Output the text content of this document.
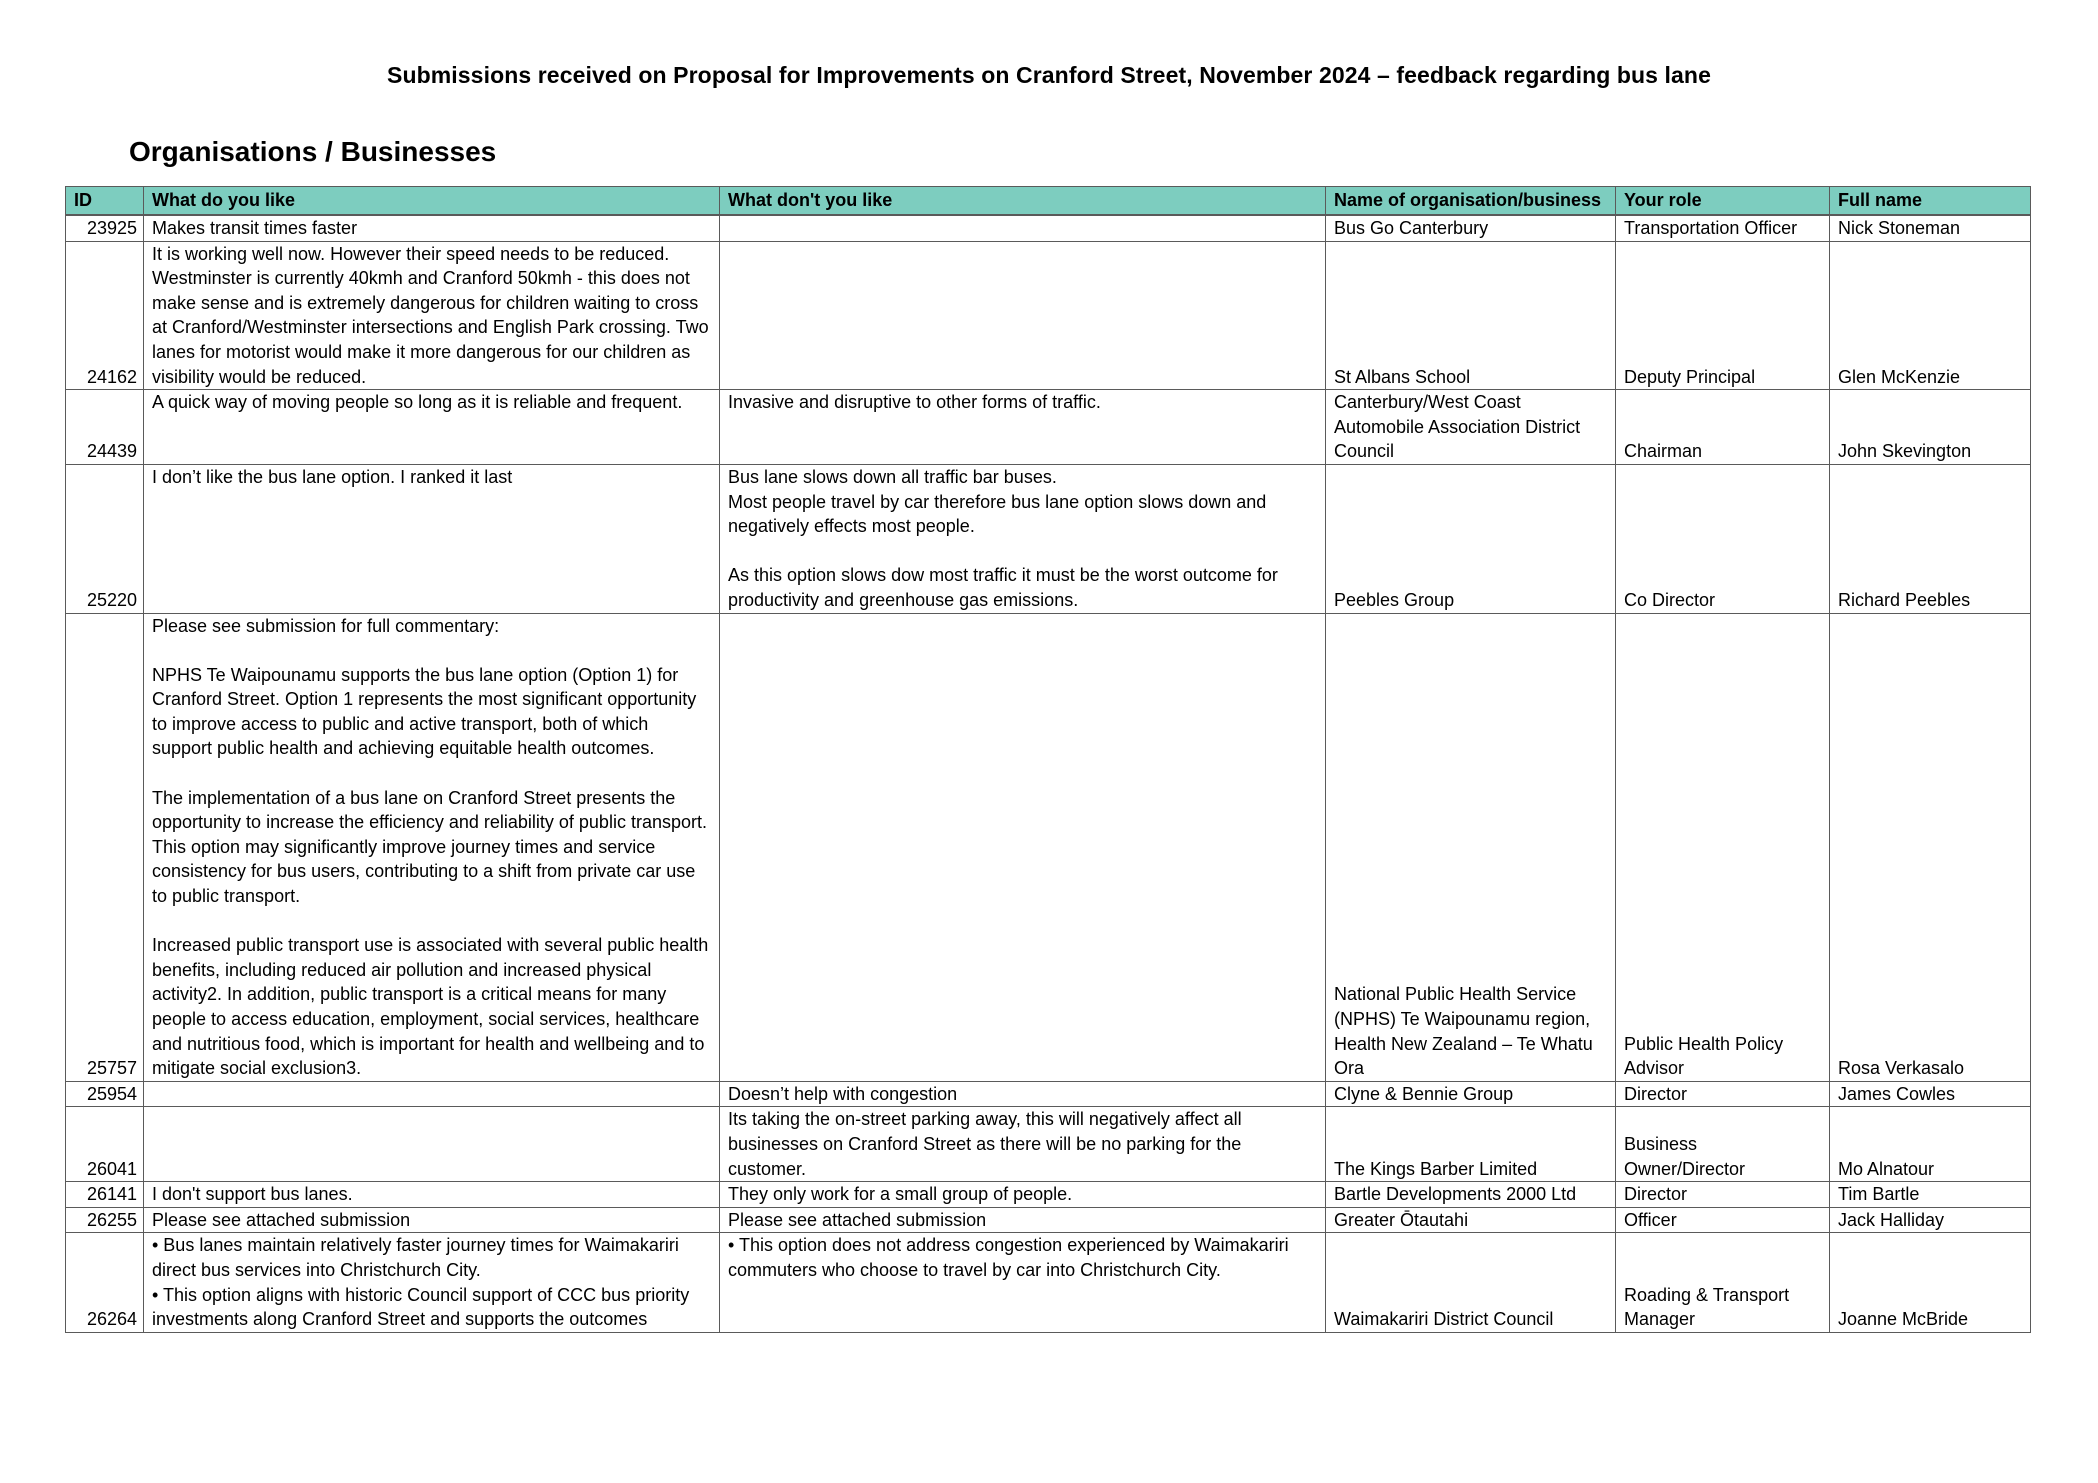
Submissions received on Proposal for Improvements on Cranford Street, November 2024 – feedback regarding bus lane
Organisations / Businesses
ID	What do you like	What don't you like	Name of organisation/business	Your role	Full name
23925	Makes transit times faster		Bus Go Canterbury	Transportation Officer	Nick Stoneman
24162	It is working well now. However their speed needs to be reduced. Westminster is currently 40kmh and Cranford 50kmh - this does not make sense and is extremely dangerous for children waiting to cross at Cranford/Westminster intersections and English Park crossing. Two lanes for motorist would make it more dangerous for our children as visibility would be reduced.		St Albans School	Deputy Principal	Glen McKenzie
24439	A quick way of moving people so long as it is reliable and frequent.	Invasive and disruptive to other forms of traffic.	Canterbury/West Coast Automobile Association District Council	Chairman	John Skevington
25220	I don’t like the bus lane option. I ranked it last	Bus lane slows down all traffic bar buses.
Most people travel by car therefore bus lane option slows down and negatively effects most people.
As this option slows dow most traffic it must be the worst outcome for productivity and greenhouse gas emissions.	Peebles Group	Co Director	Richard Peebles
25757	Please see submission for full commentary:
NPHS Te Waipounamu supports the bus lane option (Option 1) for Cranford Street. Option 1 represents the most significant opportunity to improve access to public and active transport, both of which support public health and achieving equitable health outcomes.
The implementation of a bus lane on Cranford Street presents the opportunity to increase the efficiency and reliability of public transport. This option may significantly improve journey times and service consistency for bus users, contributing to a shift from private car use to public transport.
Increased public transport use is associated with several public health benefits, including reduced air pollution and increased physical activity2. In addition, public transport is a critical means for many people to access education, employment, social services, healthcare and nutritious food, which is important for health and wellbeing and to mitigate social exclusion3.		National Public Health Service (NPHS) Te Waipounamu region, Health New Zealand – Te Whatu Ora	Public Health Policy Advisor	Rosa Verkasalo
25954		Doesn’t help with congestion	Clyne & Bennie Group	Director	James Cowles
26041		Its taking the on-street parking away, this will negatively affect all businesses on Cranford Street as there will be no parking for the customer.	The Kings Barber Limited	Business Owner/Director	Mo Alnatour
26141	I don't support bus lanes.	They only work for a small group of people.	Bartle Developments 2000 Ltd	Director	Tim Bartle
26255	Please see attached submission	Please see attached submission	Greater Ōtautahi	Officer	Jack Halliday
26264	• Bus lanes maintain relatively faster journey times for Waimakariri direct bus services into Christchurch City.
• This option aligns with historic Council support of CCC bus priority investments along Cranford Street and supports the outcomes	• This option does not address congestion experienced by Waimakariri commuters who choose to travel by car into Christchurch City.	Waimakariri District Council	Roading & Transport Manager	Joanne McBride
